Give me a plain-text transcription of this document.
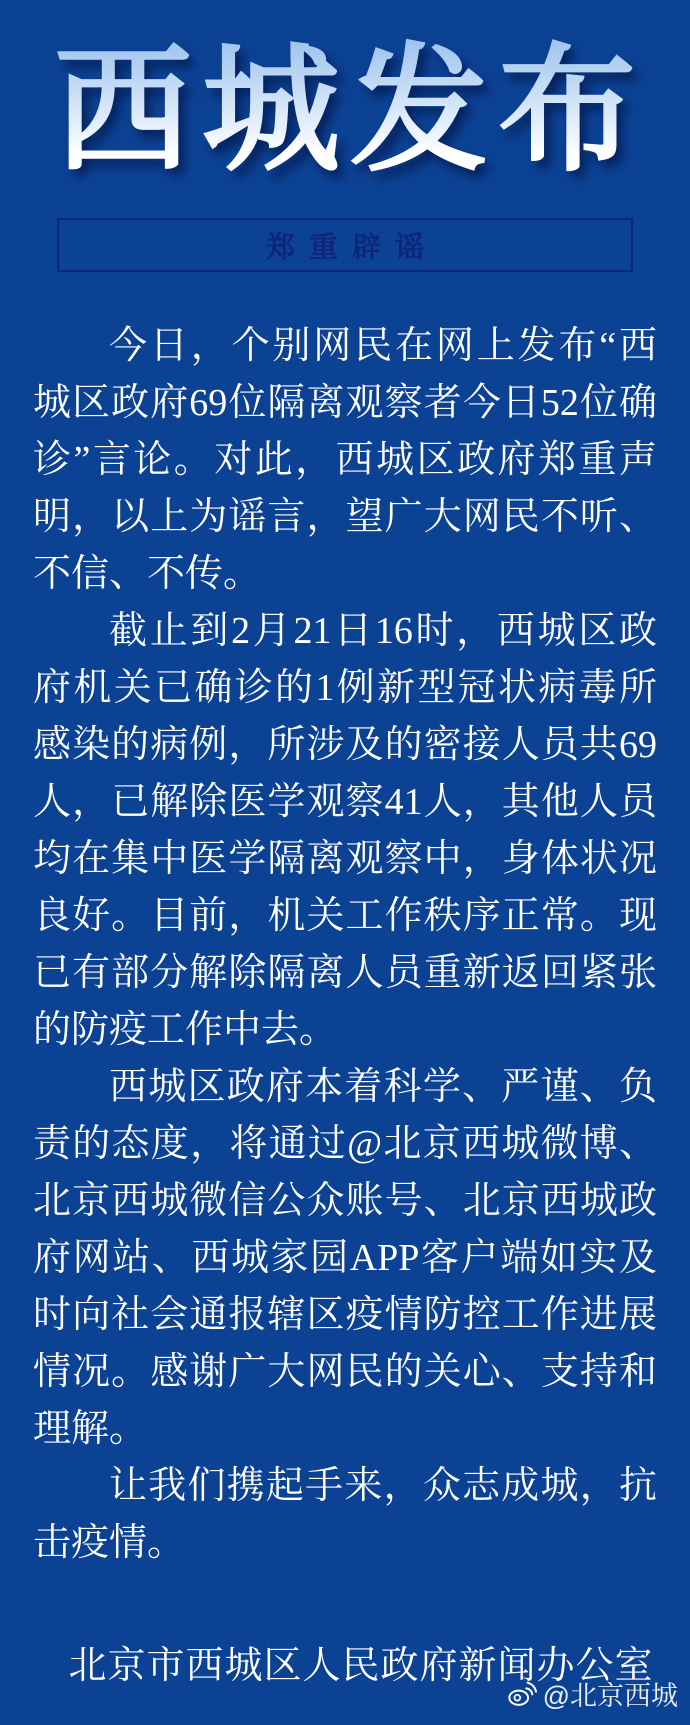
西城发布
郑重辟谣

今日，个别网民在网上发布“西城区政府69位隔离观察者今日52位确诊”言论。对此，西城区政府郑重声明，以上为谣言，望广大网民不听、不信、不传。

截止到2月21日16时，西城区政府机关已确诊的1例新型冠状病毒所感染的病例，所涉及的密接人员共69人，已解除医学观察41人，其他人员均在集中医学隔离观察中，身体状况良好。目前，机关工作秩序正常。现已有部分解除隔离人员重新返回紧张的防疫工作中去。

西城区政府本着科学、严谨、负责的态度，将通过@北京西城微博、北京西城微信公众账号、北京西城政府网站、西城家园APP客户端如实及时向社会通报辖区疫情防控工作进展情况。感谢广大网民的关心、支持和理解。

让我们携起手来，众志成城，抗击疫情。

北京市西城区人民政府新闻办公室
@北京西城
